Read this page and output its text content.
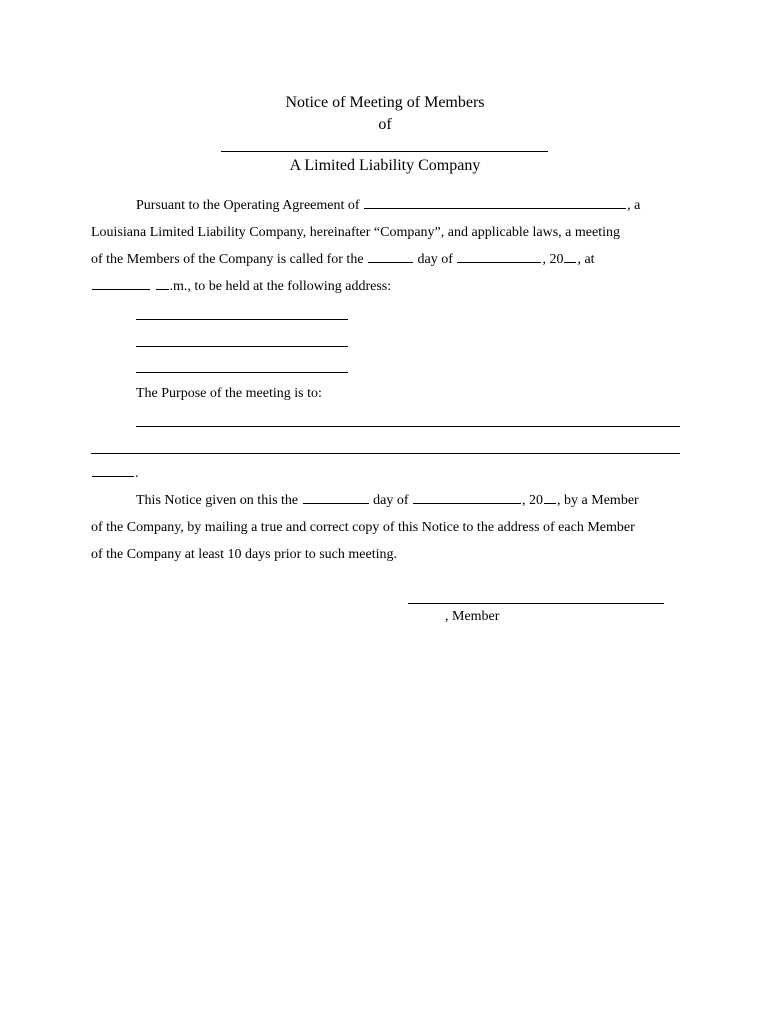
Notice of Meeting of Members
of
A Limited Liability Company
Pursuant to the Operating Agreement of	, a
Louisiana Limited Liability Company, hereinafter “Company”, and applicable laws, a meeting
of the Members of the Company is called for the	day of	, 20 , at
.m., to be held at the following address:
The Purpose of the meeting is to:
.
This Notice given on this the	day of	, 20 , by a Member
of the Company, by mailing a true and correct copy of this Notice to the address of each Member
of the Company at least 10 days prior to such meeting.
, Member
